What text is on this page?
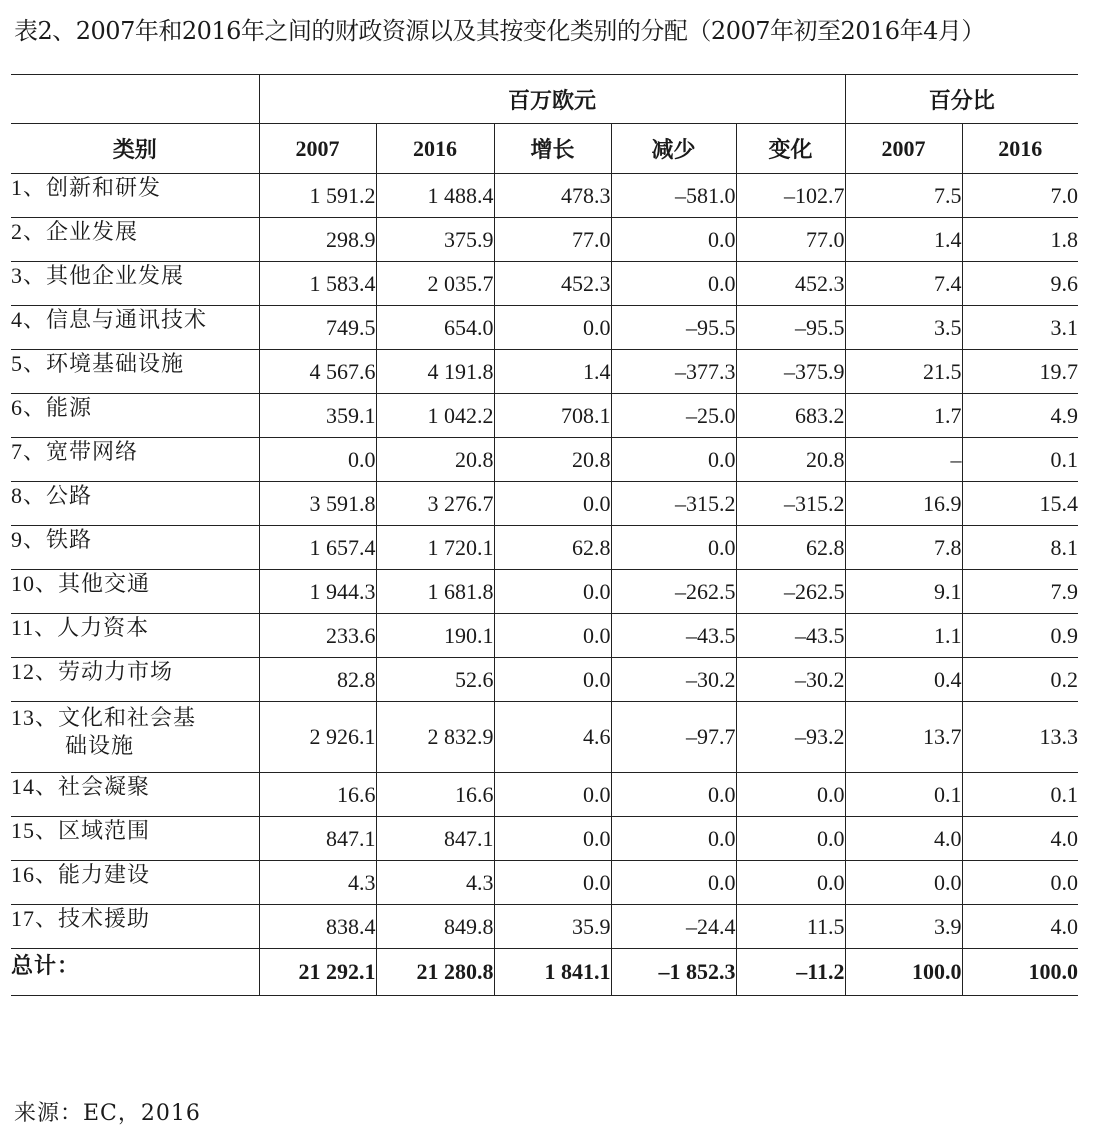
表2、2007年和2016年之间的财政资源以及其按变化类别的分配（2007年初至2016年4月）
	百万欧元					百分比	
类别	2007	2016	增长	减少	变化	2007	2016
1、创新和研发	1 591.2	1 488.4	478.3	–581.0	–102.7	7.5	7.0
2、企业发展	298.9	375.9	77.0	0.0	77.0	1.4	1.8
3、其他企业发展	1 583.4	2 035.7	452.3	0.0	452.3	7.4	9.6
4、信息与通讯技术	749.5	654.0	0.0	–95.5	–95.5	3.5	3.1
5、环境基础设施	4 567.6	4 191.8	1.4	–377.3	–375.9	21.5	19.7
6、能源	359.1	1 042.2	708.1	–25.0	683.2	1.7	4.9
7、宽带网络	0.0	20.8	20.8	0.0	20.8	–	0.1
8、公路	3 591.8	3 276.7	0.0	–315.2	–315.2	16.9	15.4
9、铁路	1 657.4	1 720.1	62.8	0.0	62.8	7.8	8.1
10、其他交通	1 944.3	1 681.8	0.0	–262.5	–262.5	9.1	7.9
11、人力资本	233.6	190.1	0.0	–43.5	–43.5	1.1	0.9
12、劳动力市场	82.8	52.6	0.0	–30.2	–30.2	0.4	0.2
13、文化和社会基
础设施	2 926.1	2 832.9	4.6	–97.7	–93.2	13.7	13.3
14、社会凝聚	16.6	16.6	0.0	0.0	0.0	0.1	0.1
15、区域范围	847.1	847.1	0.0	0.0	0.0	4.0	4.0
16、能力建设	4.3	4.3	0.0	0.0	0.0	0.0	0.0
17、技术援助	838.4	849.8	35.9	–24.4	11.5	3.9	4.0
总计：	21 292.1	21 280.8	1 841.1	–1 852.3	–11.2	100.0	100.0
来源：EC，2016
